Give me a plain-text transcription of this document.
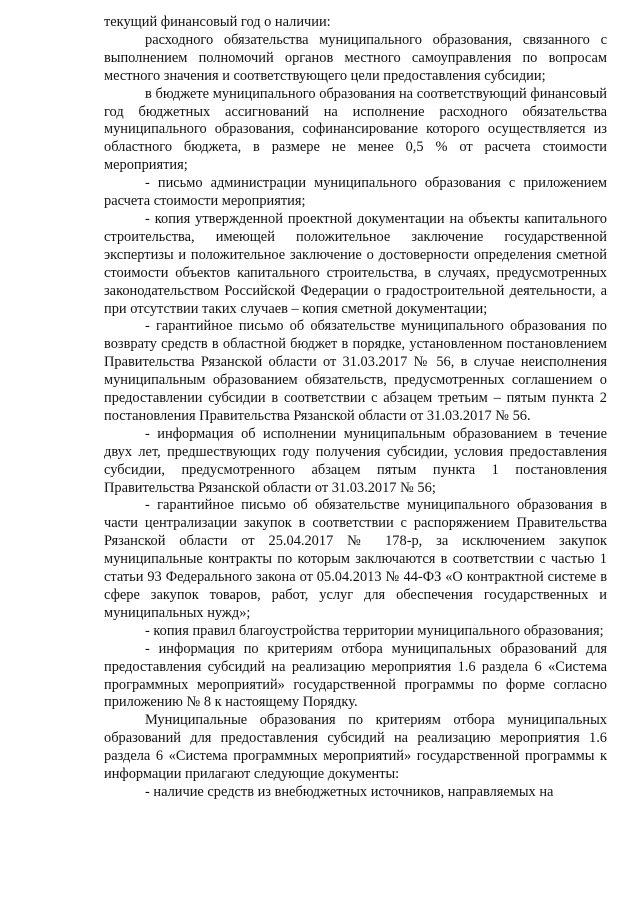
текущий финансовый год о наличии:

расходного обязательства муниципального образования, связанного с выполнением полномочий органов местного самоуправления по вопросам местного значения и соответствующего цели предоставления субсидии;

в бюджете муниципального образования на соответствующий финансовый год бюджетных ассигнований на исполнение расходного обязательства муниципального образования, софинансирование которого осуществляется из областного бюджета, в размере не менее 0,5 % от расчета стоимости мероприятия;

- письмо администрации муниципального образования с приложением расчета стоимости мероприятия;

- копия утвержденной проектной документации на объекты капитального строительства, имеющей положительное заключение государственной экспертизы и положительное заключение о достоверности определения сметной стоимости объектов капитального строительства, в случаях, предусмотренных законодательством Российской Федерации о градостроительной деятельности, а при отсутствии таких случаев – копия сметной документации;

- гарантийное письмо об обязательстве муниципального образования по возврату средств в областной бюджет в порядке, установленном постановлением Правительства Рязанской области от 31.03.2017 № 56, в случае неисполнения муниципальным образованием обязательств, предусмотренных соглашением о предоставлении субсидии в соответствии с абзацем третьим – пятым пункта 2 постановления Правительства Рязанской области от 31.03.2017 № 56.

- информация об исполнении муниципальным образованием в течение двух лет, предшествующих году получения субсидии, условия предоставления субсидии, предусмотренного абзацем пятым пункта 1 постановления Правительства Рязанской области от 31.03.2017 № 56;

- гарантийное письмо об обязательстве муниципального образования в части централизации закупок в соответствии с распоряжением Правительства Рязанской области от 25.04.2017 № 178-р, за исключением закупок муниципальные контракты по которым заключаются в соответствии с частью 1 статьи 93 Федерального закона от 05.04.2013 № 44-ФЗ «О контрактной системе в сфере закупок товаров, работ, услуг для обеспечения государственных и муниципальных нужд»;

- копия правил благоустройства территории муниципального образования;

- информация по критериям отбора муниципальных образований для предоставления субсидий на реализацию мероприятия 1.6 раздела 6 «Система программных мероприятий» государственной программы по форме согласно приложению № 8 к настоящему Порядку.

Муниципальные образования по критериям отбора муниципальных образований для предоставления субсидий на реализацию мероприятия 1.6 раздела 6 «Система программных мероприятий» государственной программы к информации прилагают следующие документы:

- наличие средств из внебюджетных источников, направляемых на
